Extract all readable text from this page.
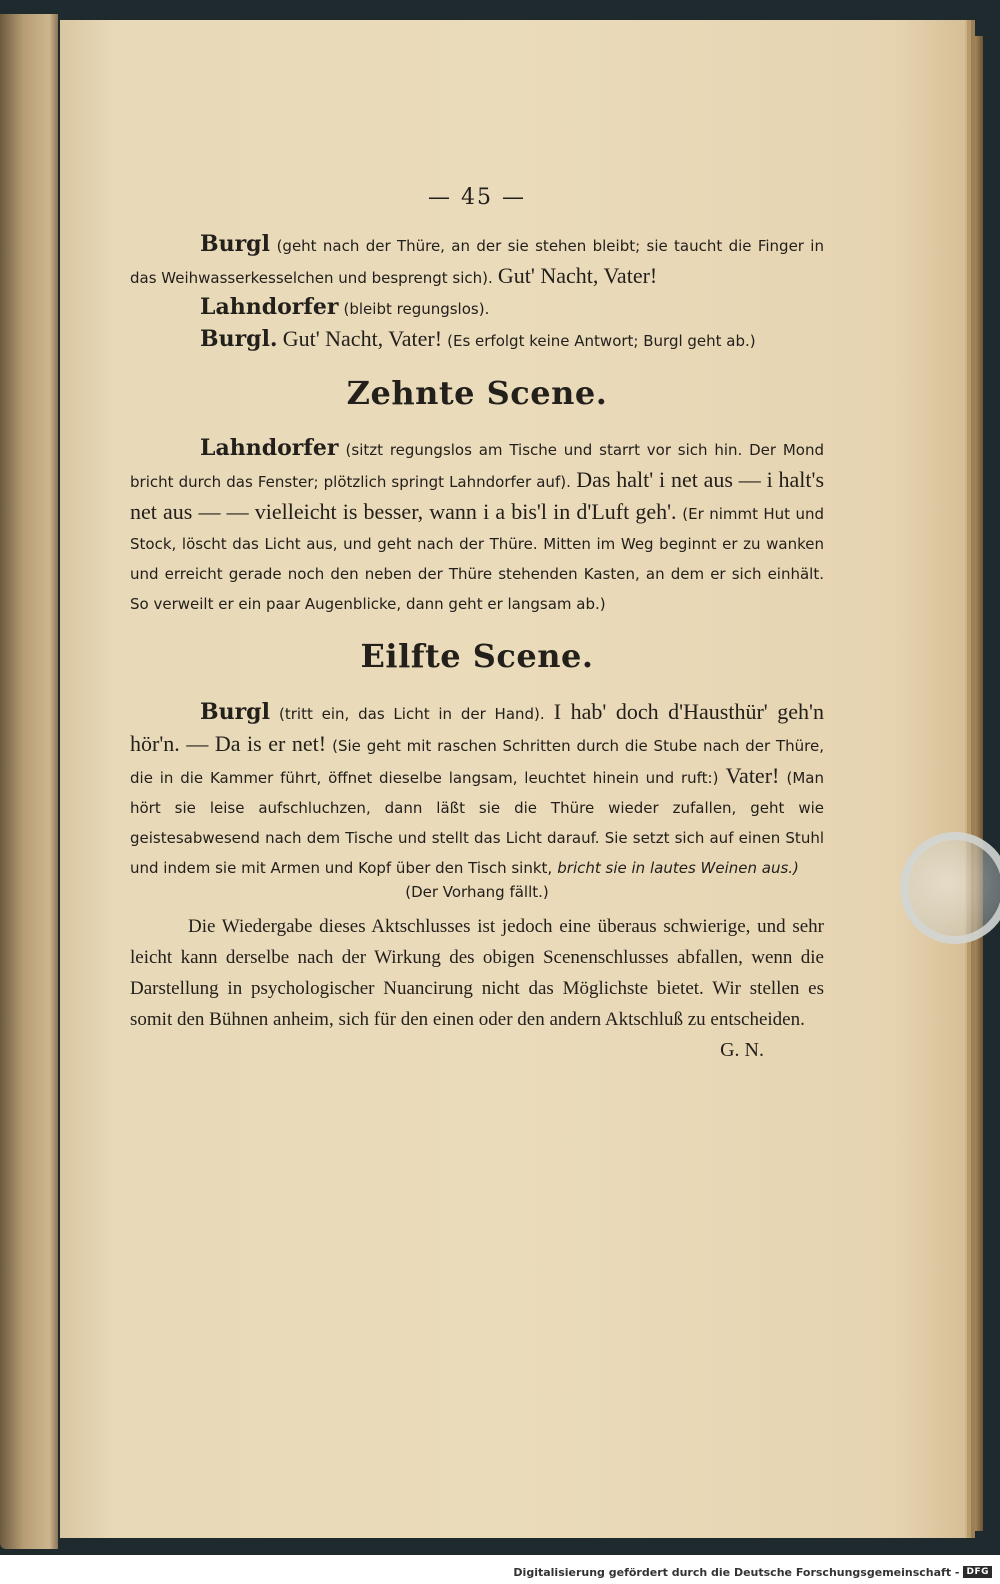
— 45 —

Burgl (geht nach der Thüre, an der sie stehen bleibt; sie taucht die Finger in das Weihwasserkesselchen und besprengt sich). Gut' Nacht, Vater!

Lahndorfer (bleibt regungslos).

Burgl. Gut' Nacht, Vater! (Es erfolgt keine Antwort; Burgl geht ab.)

Zehnte Scene.

Lahndorfer (sitzt regungslos am Tische und starrt vor sich hin. Der Mond bricht durch das Fenster; plötzlich springt Lahndorfer auf). Das halt' i net aus — i halt's net aus — — vielleicht is besser, wann i a bis'l in d'Luft geh'. (Er nimmt Hut und Stock, löscht das Licht aus, und geht nach der Thüre. Mitten im Weg beginnt er zu wanken und erreicht gerade noch den neben der Thüre stehenden Kasten, an dem er sich einhält. So verweilt er ein paar Augenblicke, dann geht er langsam ab.)

Eilfte Scene.

Burgl (tritt ein, das Licht in der Hand). I hab' doch d'Hausthür' geh'n hör'n. — Da is er net! (Sie geht mit raschen Schritten durch die Stube nach der Thüre, die in die Kammer führt, öffnet dieselbe langsam, leuchtet hinein und ruft:) Vater! (Man hört sie leise aufschluchzen, dann läßt sie die Thüre wieder zufallen, geht wie geistesabwesend nach dem Tische und stellt das Licht darauf. Sie setzt sich auf einen Stuhl und indem sie mit Armen und Kopf über den Tisch sinkt, bricht sie in lautes Weinen aus.)

(Der Vorhang fällt.)

Die Wiedergabe dieses Aktschlusses ist jedoch eine überaus schwierige, und sehr leicht kann derselbe nach der Wirkung des obigen Scenenschlusses abfallen, wenn die Darstellung in psychologischer Nuancirung nicht das Möglichste bietet. Wir stellen es somit den Bühnen anheim, sich für den einen oder den andern Aktschluß zu entscheiden.

G. N.
Digitalisierung gefördert durch die Deutsche Forschungsgemeinschaft - DFG
